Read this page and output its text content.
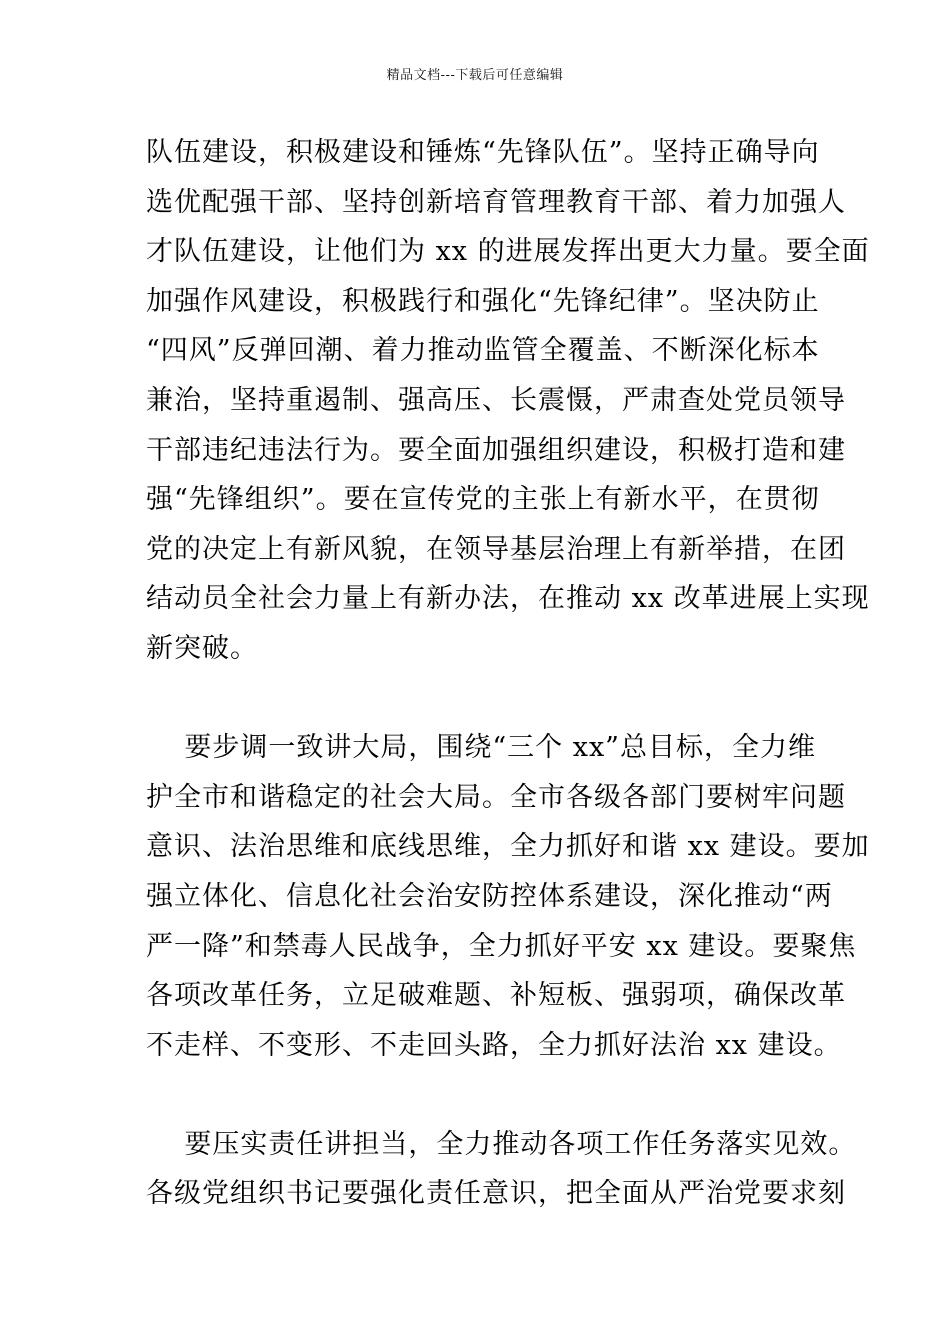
精品文档---下载后可任意编辑
队伍建设，积极建设和锤炼“先锋队伍”。坚持正确导向
选优配强干部、坚持创新培育管理教育干部、着力加强人
才队伍建设，让他们为 xx 的进展发挥出更大力量。要全面
加强作风建设，积极践行和强化“先锋纪律”。坚决防止
“四风”反弹回潮、着力推动监管全覆盖、不断深化标本
兼治，坚持重遏制、强高压、长震慑，严肃查处党员领导
干部违纪违法行为。要全面加强组织建设，积极打造和建
强“先锋组织”。要在宣传党的主张上有新水平，在贯彻
党的决定上有新风貌，在领导基层治理上有新举措，在团
结动员全社会力量上有新办法，在推动 xx 改革进展上实现
新突破。
要步调一致讲大局，围绕“三个 xx”总目标，全力维
护全市和谐稳定的社会大局。全市各级各部门要树牢问题
意识、法治思维和底线思维，全力抓好和谐 xx 建设。要加
强立体化、信息化社会治安防控体系建设，深化推动“两
严一降”和禁毒人民战争，全力抓好平安 xx 建设。要聚焦
各项改革任务，立足破难题、补短板、强弱项，确保改革
不走样、不变形、不走回头路，全力抓好法治 xx 建设。
要压实责任讲担当，全力推动各项工作任务落实见效。
各级党组织书记要强化责任意识，把全面从严治党要求刻
